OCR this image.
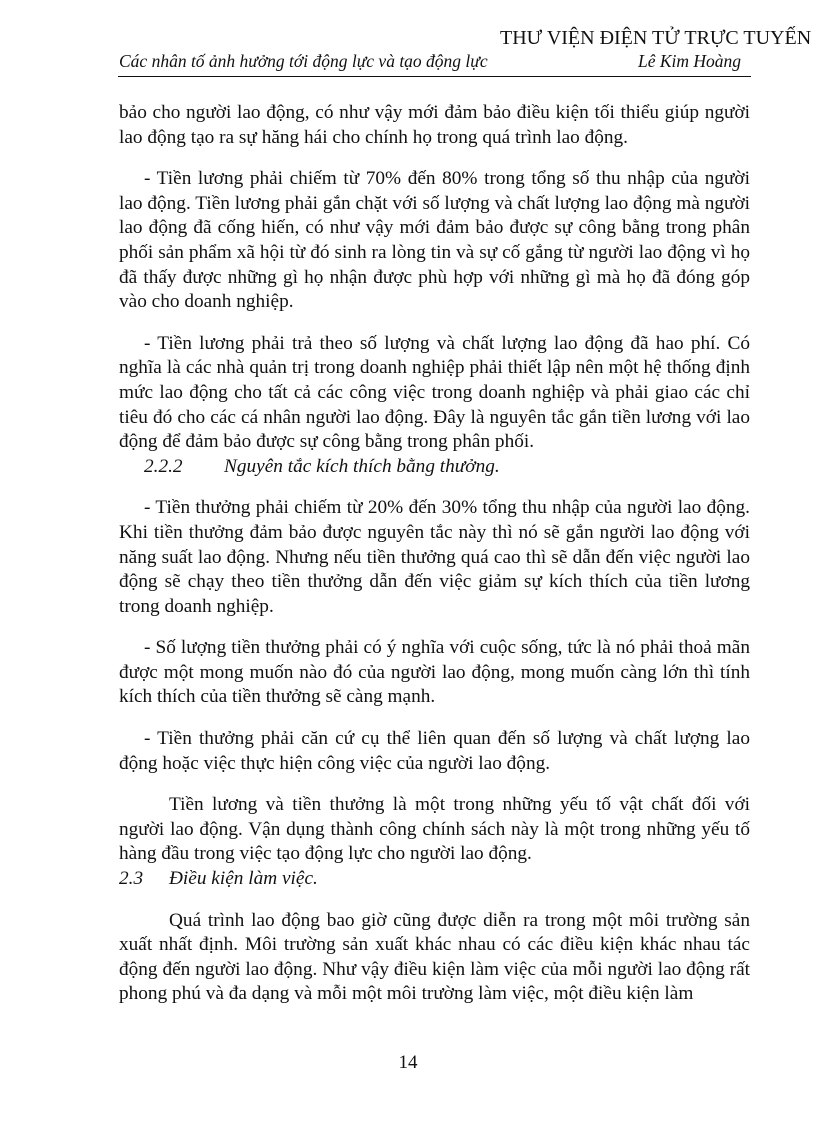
THƯ VIỆN ĐIỆN TỬ TRỰC TUYẾN
Các nhân tố ảnh hưởng tới động lực và tạo động lực	Lê Kim Hoàng

bảo cho người lao động, có như vậy mới đảm bảo điều kiện tối thiểu giúp người lao động tạo ra sự hăng hái cho chính họ trong quá trình lao động.

- Tiền lương phải chiếm từ 70% đến 80% trong tổng số thu nhập của người lao động. Tiền lương phải gắn chặt với số lượng và chất lượng lao động mà người lao động đã cống hiến, có như vậy mới đảm bảo được sự công bằng trong phân phối sản phẩm xã hội từ đó sinh ra lòng tin và sự cố gắng từ người lao động vì họ đã thấy được những gì họ nhận được phù hợp với những gì mà họ đã đóng góp vào cho doanh nghiệp.

- Tiền lương phải trả theo số lượng và chất lượng lao động đã hao phí. Có nghĩa là các nhà quản trị trong doanh nghiệp phải thiết lập nên một hệ thống định mức lao động cho tất cả các công việc trong doanh nghiệp và phải giao các chỉ tiêu đó cho các cá nhân người lao động. Đây là nguyên tắc gắn tiền lương với lao động để đảm bảo được sự công bằng trong phân phối.

2.2.2	Nguyên tắc kích thích bằng thưởng.

- Tiền thưởng phải chiếm từ 20% đến 30% tổng thu nhập của người lao động. Khi tiền thưởng đảm bảo được nguyên tắc này thì nó sẽ gắn người lao động với năng suất lao động. Nhưng nếu tiền thưởng quá cao thì sẽ dẫn đến việc người lao động sẽ chạy theo tiền thưởng dẫn đến việc giảm sự kích thích của tiền lương trong doanh nghiệp.

- Số lượng tiền thưởng phải có ý nghĩa với cuộc sống, tức là nó phải thoả mãn được một mong muốn nào đó của người lao động, mong muốn càng lớn thì tính kích thích của tiền thưởng sẽ càng mạnh.

- Tiền thưởng phải căn cứ cụ thể liên quan đến số lượng và chất lượng lao động hoặc việc thực hiện công việc của người lao động.

Tiền lương và tiền thưởng là một trong những yếu tố vật chất đối với người lao động. Vận dụng thành công chính sách này là một trong những yếu tố hàng đầu trong việc tạo động lực cho người lao động.

2.3	Điều kiện làm việc.

Quá trình lao động bao giờ cũng được diễn ra trong một môi trường sản xuất nhất định. Môi trường sản xuất khác nhau có các điều kiện khác nhau tác động đến người lao động. Như vậy điều kiện làm việc của mỗi người lao động rất phong phú và đa dạng và mỗi một môi trường làm việc, một điều kiện làm

14
